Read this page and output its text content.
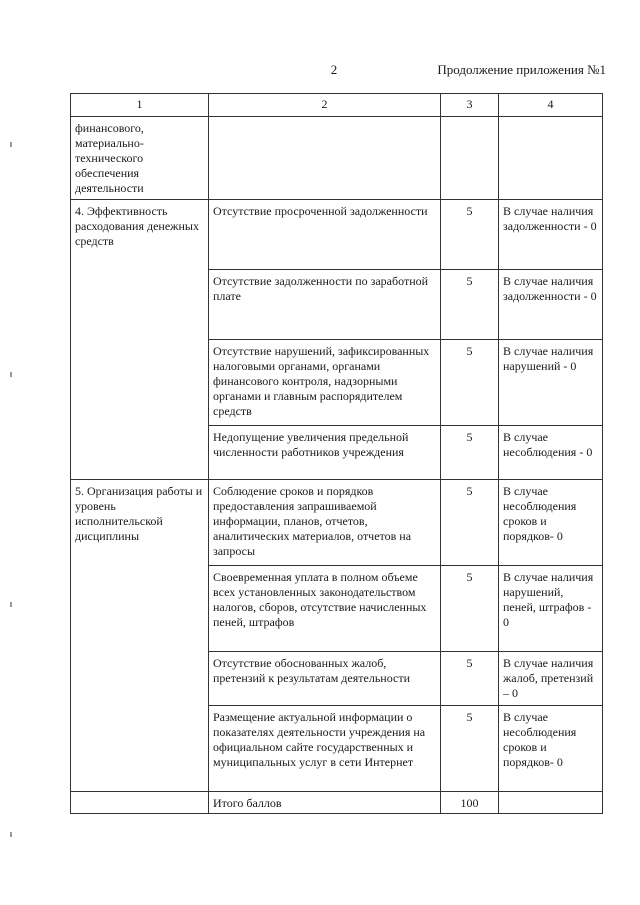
2	Продолжение приложения №1
1	2	3	4
финансового, материально-технического обеспечения деятельности			
4. Эффективность расходования денежных средств	Отсутствие просроченной задолженности	5	В случае наличия задолженности - 0
	Отсутствие задолженности по заработной плате	5	В случае наличия задолженности - 0
	Отсутствие нарушений, зафиксированных налоговыми органами, органами финансового контроля, надзорными органами и главным распорядителем средств	5	В случае наличия нарушений - 0
	Недопущение увеличения предельной численности работников учреждения	5	В случае несоблюдения - 0
5. Организация работы и уровень исполнительской дисциплины	Соблюдение сроков и порядков предоставления запрашиваемой информации, планов, отчетов, аналитических материалов, отчетов на запросы	5	В случае несоблюдения сроков и порядков- 0
	Своевременная уплата в полном объеме всех установленных законодательством налогов, сборов, отсутствие начисленных пеней, штрафов	5	В случае наличия нарушений, пеней, штрафов - 0
	Отсутствие обоснованных жалоб, претензий к результатам деятельности	5	В случае наличия жалоб, претензий – 0
	Размещение актуальной информации о показателях деятельности учреждения на официальном сайте государственных и муниципальных услуг в сети Интернет	5	В случае несоблюдения сроков и порядков- 0
	Итого баллов	100	
